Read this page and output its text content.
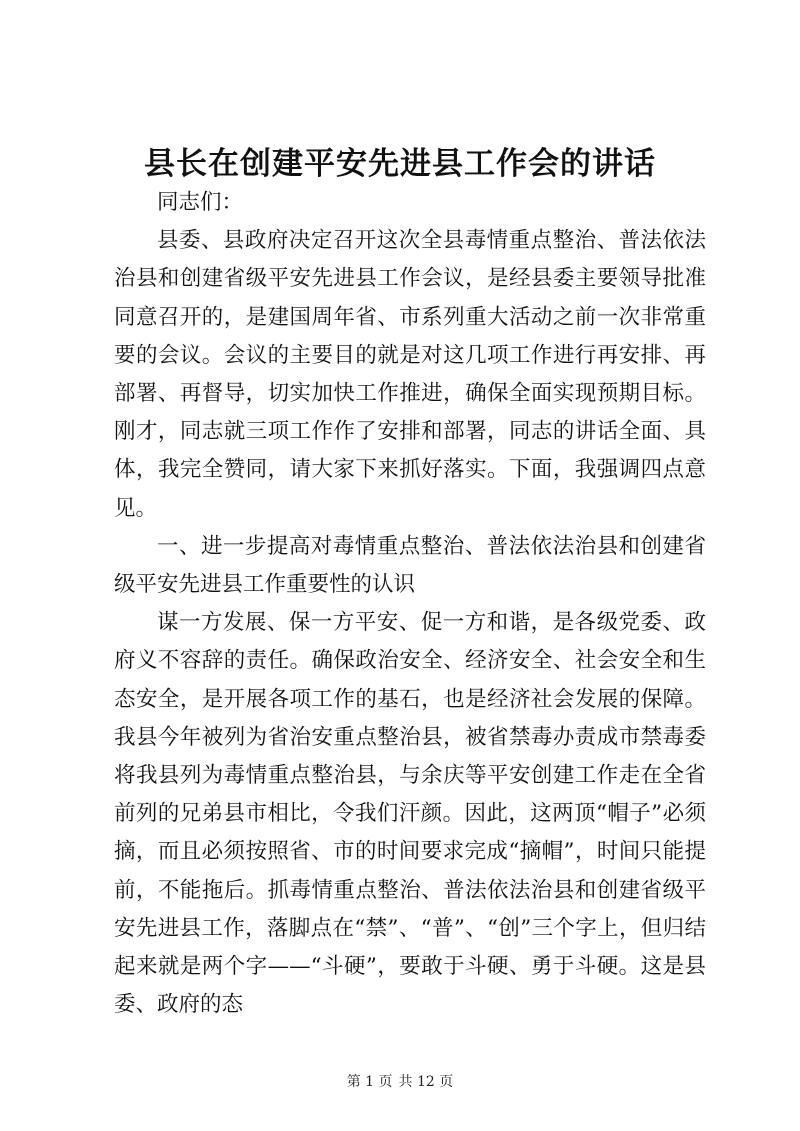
县长在创建平安先进县工作会的讲话

同志们：

县委、县政府决定召开这次全县毒情重点整治、普法依法治县和创建省级平安先进县工作会议，是经县委主要领导批准同意召开的，是建国周年省、市系列重大活动之前一次非常重要的会议。会议的主要目的就是对这几项工作进行再安排、再部署、再督导，切实加快工作推进，确保全面实现预期目标。刚才，同志就三项工作作了安排和部署，同志的讲话全面、具体，我完全赞同，请大家下来抓好落实。下面，我强调四点意见。

一、进一步提高对毒情重点整治、普法依法治县和创建省级平安先进县工作重要性的认识

谋一方发展、保一方平安、促一方和谐，是各级党委、政府义不容辞的责任。确保政治安全、经济安全、社会安全和生态安全，是开展各项工作的基石，也是经济社会发展的保障。我县今年被列为省治安重点整治县，被省禁毒办责成市禁毒委将我县列为毒情重点整治县，与余庆等平安创建工作走在全省前列的兄弟县市相比，令我们汗颜。因此，这两顶“帽子”必须摘，而且必须按照省、市的时间要求完成“摘帽”，时间只能提前，不能拖后。抓毒情重点整治、普法依法治县和创建省级平安先进县工作，落脚点在“禁”、“普”、“创”三个字上，但归结起来就是两个字——“斗硬”，要敢于斗硬、勇于斗硬。这是县委、政府的态

第 1 页 共 12 页
